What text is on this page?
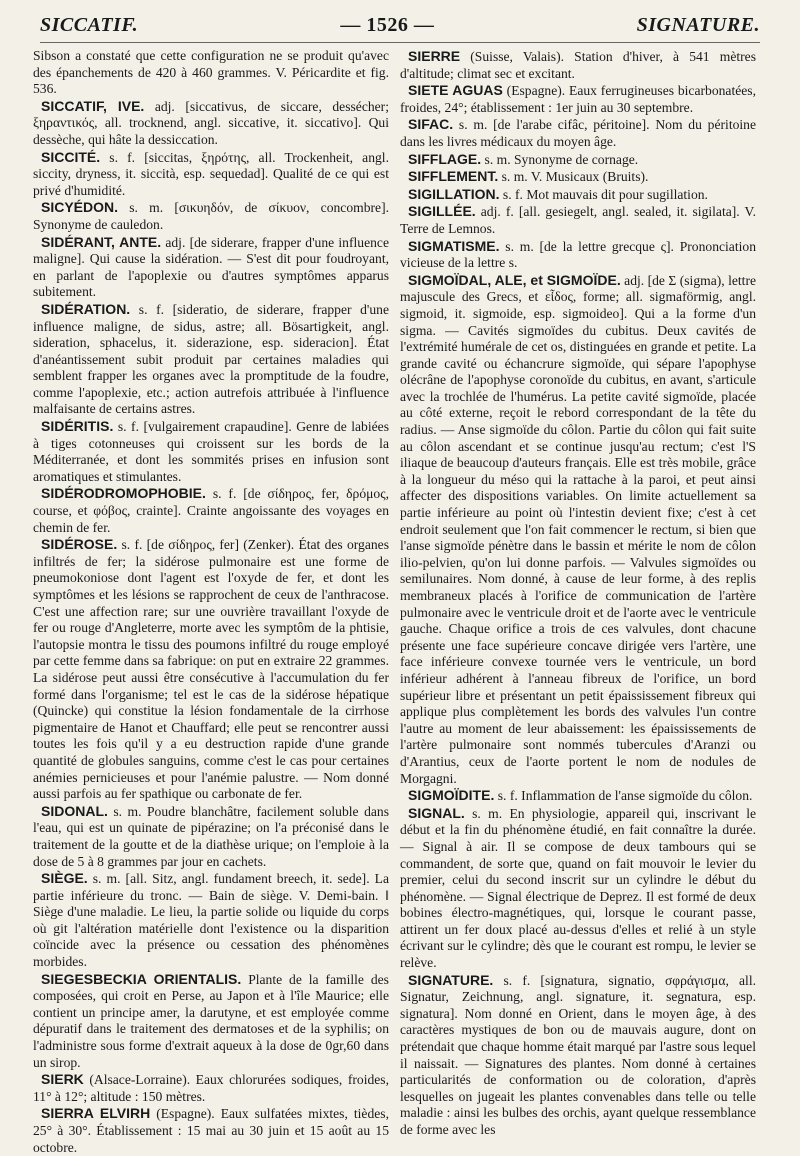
SICCATIF.	— 1526 —	SIGNATURE.

Sibson a constaté que cette configuration ne se produit qu'avec des épanchements de 420 à 460 grammes. V. Péricardite et fig. 536.

SICCATIF, IVE. adj. [siccativus, de siccare, dessécher; ξηραντικός, all. trocknend, angl. siccative, it. siccativo]. Qui dessèche, qui hâte la dessiccation.

SICCITÉ. s. f. [siccitas, ξηρότης, all. Trockenheit, angl. siccity, dryness, it. siccità, esp. sequedad]. Qualité de ce qui est privé d'humidité.

SICYÉDON. s. m. [σικυηδόν, de σίκυον, concombre]. Synonyme de cauledon.

SIDÉRANT, ANTE. adj. [de siderare, frapper d'une influence maligne]. Qui cause la sidération. — S'est dit pour foudroyant, en parlant de l'apoplexie ou d'autres symptômes apparus subitement.

SIDÉRATION. s. f. [sideratio, de siderare, frapper d'une influence maligne, de sidus, astre; all. Bösartigkeit, angl. sideration, sphacelus, it. siderazione, esp. sideracion]. État d'anéantissement subit produit par certaines maladies qui semblent frapper les organes avec la promptitude de la foudre, comme l'apoplexie, etc.; action autrefois attribuée à l'influence malfaisante de certains astres.

SIDÉRITIS. s. f. [vulgairement crapaudine]. Genre de labiées à tiges cotonneuses qui croissent sur les bords de la Méditerranée, et dont les sommités prises en infusion sont aromatiques et stimulantes.

SIDÉRODROMOPHOBIE. s. f. [de σίδηρος, fer, δρόμος, course, et φόβος, crainte]. Crainte angoissante des voyages en chemin de fer.

SIDÉROSE. s. f. [de σίδηρος, fer] (Zenker). État des organes infiltrés de fer; la sidérose pulmonaire est une forme de pneumokoniose dont l'agent est l'oxyde de fer, et dont les symptômes et les lésions se rapprochent de ceux de l'anthracose. C'est une affection rare; sur une ouvrière travaillant l'oxyde de fer ou rouge d'Angleterre, morte avec les symptôm de la phtisie, l'autopsie montra le tissu des poumons infiltré du rouge employé par cette femme dans sa fabrique: on put en extraire 22 grammes. La sidérose peut aussi être consécutive à l'accumulation du fer formé dans l'organisme; tel est le cas de la sidérose hépatique (Quincke) qui constitue la lésion fondamentale de la cirrhose pigmentaire de Hanot et Chauffard; elle peut se rencontrer aussi toutes les fois qu'il y a eu destruction rapide d'une grande quantité de globules sanguins, comme c'est le cas pour certaines anémies pernicieuses et pour l'anémie palustre. — Nom donné aussi parfois au fer spathique ou carbonate de fer.

SIDONAL. s. m. Poudre blanchâtre, facilement soluble dans l'eau, qui est un quinate de pipérazine; on l'a préconisé dans le traitement de la goutte et de la diathèse urique; on l'emploie à la dose de 5 à 8 grammes par jour en cachets.

SIÈGE. s. m. [all. Sitz, angl. fundament breech, it. sede]. La partie inférieure du tronc. — Bain de siège. V. Demi-bain. ‖ Siège d'une maladie. Le lieu, la partie solide ou liquide du corps où git l'altération matérielle dont l'existence ou la disparition coïncide avec la présence ou cessation des phénomènes morbides.

SIEGESBECKIA ORIENTALIS. Plante de la famille des composées, qui croit en Perse, au Japon et à l'île Maurice; elle contient un principe amer, la darutyne, et est employée comme dépuratif dans le traitement des dermatoses et de la syphilis; on l'administre sous forme d'extrait aqueux à la dose de 0gr,60 dans un sirop.

SIERK (Alsace-Lorraine). Eaux chlorurées sodiques, froides, 11° à 12°; altitude : 150 mètres.

SIERRA ELVIRH (Espagne). Eaux sulfatées mixtes, tièdes, 25° à 30°. Établissement : 15 mai au 30 juin et 15 août au 15 octobre.

SIERRE (Suisse, Valais). Station d'hiver, à 541 mètres d'altitude; climat sec et excitant.

SIETE AGUAS (Espagne). Eaux ferrugineuses bicarbonatées, froides, 24°; établissement : 1er juin au 30 septembre.

SIFAC. s. m. [de l'arabe cifâc, péritoine]. Nom du péritoine dans les livres médicaux du moyen âge.

SIFFLAGE. s. m. Synonyme de cornage.

SIFFLEMENT. s. m. V. Musicaux (Bruits).

SIGILLATION. s. f. Mot mauvais dit pour sugillation.

SIGILLÉE. adj. f. [all. gesiegelt, angl. sealed, it. sigilata]. V. Terre de Lemnos.

SIGMATISME. s. m. [de la lettre grecque ς]. Prononciation vicieuse de la lettre s.

SIGMOÏDAL, ALE, et SIGMOÏDE. adj. [de Σ (sigma), lettre majuscule des Grecs, et εἶδος, forme; all. sigmaförmig, angl. sigmoid, it. sigmoide, esp. sigmoideo]. Qui a la forme d'un sigma. — Cavités sigmoïdes du cubitus. Deux cavités de l'extrémité humérale de cet os, distinguées en grande et petite. La grande cavité ou échancrure sigmoïde, qui sépare l'apophyse olécrâne de l'apophyse coronoïde du cubitus, en avant, s'articule avec la trochlée de l'humérus. La petite cavité sigmoïde, placée au côté externe, reçoit le rebord correspondant de la tête du radius. — Anse sigmoïde du côlon. Partie du côlon qui fait suite au côlon ascendant et se continue jusqu'au rectum; c'est l'S iliaque de beaucoup d'auteurs français. Elle est très mobile, grâce à la longueur du méso qui la rattache à la paroi, et peut ainsi affecter des dispositions variables. On limite actuellement sa partie inférieure au point où l'intestin devient fixe; c'est à cet endroit seulement que l'on fait commencer le rectum, si bien que l'anse sigmoïde pénètre dans le bassin et mérite le nom de côlon ilio-pelvien, qu'on lui donne parfois. — Valvules sigmoïdes ou semilunaires. Nom donné, à cause de leur forme, à des replis membraneux placés à l'orifice de communication de l'artère pulmonaire avec le ventricule droit et de l'aorte avec le ventricule gauche. Chaque orifice a trois de ces valvules, dont chacune présente une face supérieure concave dirigée vers l'artère, une face inférieure convexe tournée vers le ventricule, un bord inférieur adhérent à l'anneau fibreux de l'orifice, un bord supérieur libre et présentant un petit épaississement fibreux qui applique plus complètement les bords des valvules l'un contre l'autre au moment de leur abaissement: les épaississements de l'artère pulmonaire sont nommés tubercules d'Aranzi ou d'Arantius, ceux de l'aorte portent le nom de nodules de Morgagni.

SIGMOÏDITE. s. f. Inflammation de l'anse sigmoïde du côlon.

SIGNAL. s. m. En physiologie, appareil qui, inscrivant le début et la fin du phénomène étudié, en fait connaître la durée. — Signal à air. Il se compose de deux tambours qui se commandent, de sorte que, quand on fait mouvoir le levier du premier, celui du second inscrit sur un cylindre le début du phénomène. — Signal électrique de Deprez. Il est formé de deux bobines électro-magnétiques, qui, lorsque le courant passe, attirent un fer doux placé au-dessus d'elles et relié à un style écrivant sur le cylindre; dès que le courant est rompu, le levier se relève.

SIGNATURE. s. f. [signatura, signatio, σφράγισμα, all. Signatur, Zeichnung, angl. signature, it. segnatura, esp. signatura]. Nom donné en Orient, dans le moyen âge, à des caractères mystiques de bon ou de mauvais augure, dont on prétendait que chaque homme était marqué par l'astre sous lequel il naissait. — Signatures des plantes. Nom donné à certaines particularités de conformation ou de coloration, d'après lesquelles on jugeait les plantes convenables dans telle ou telle maladie : ainsi les bulbes des orchis, ayant quelque ressemblance de forme avec les
